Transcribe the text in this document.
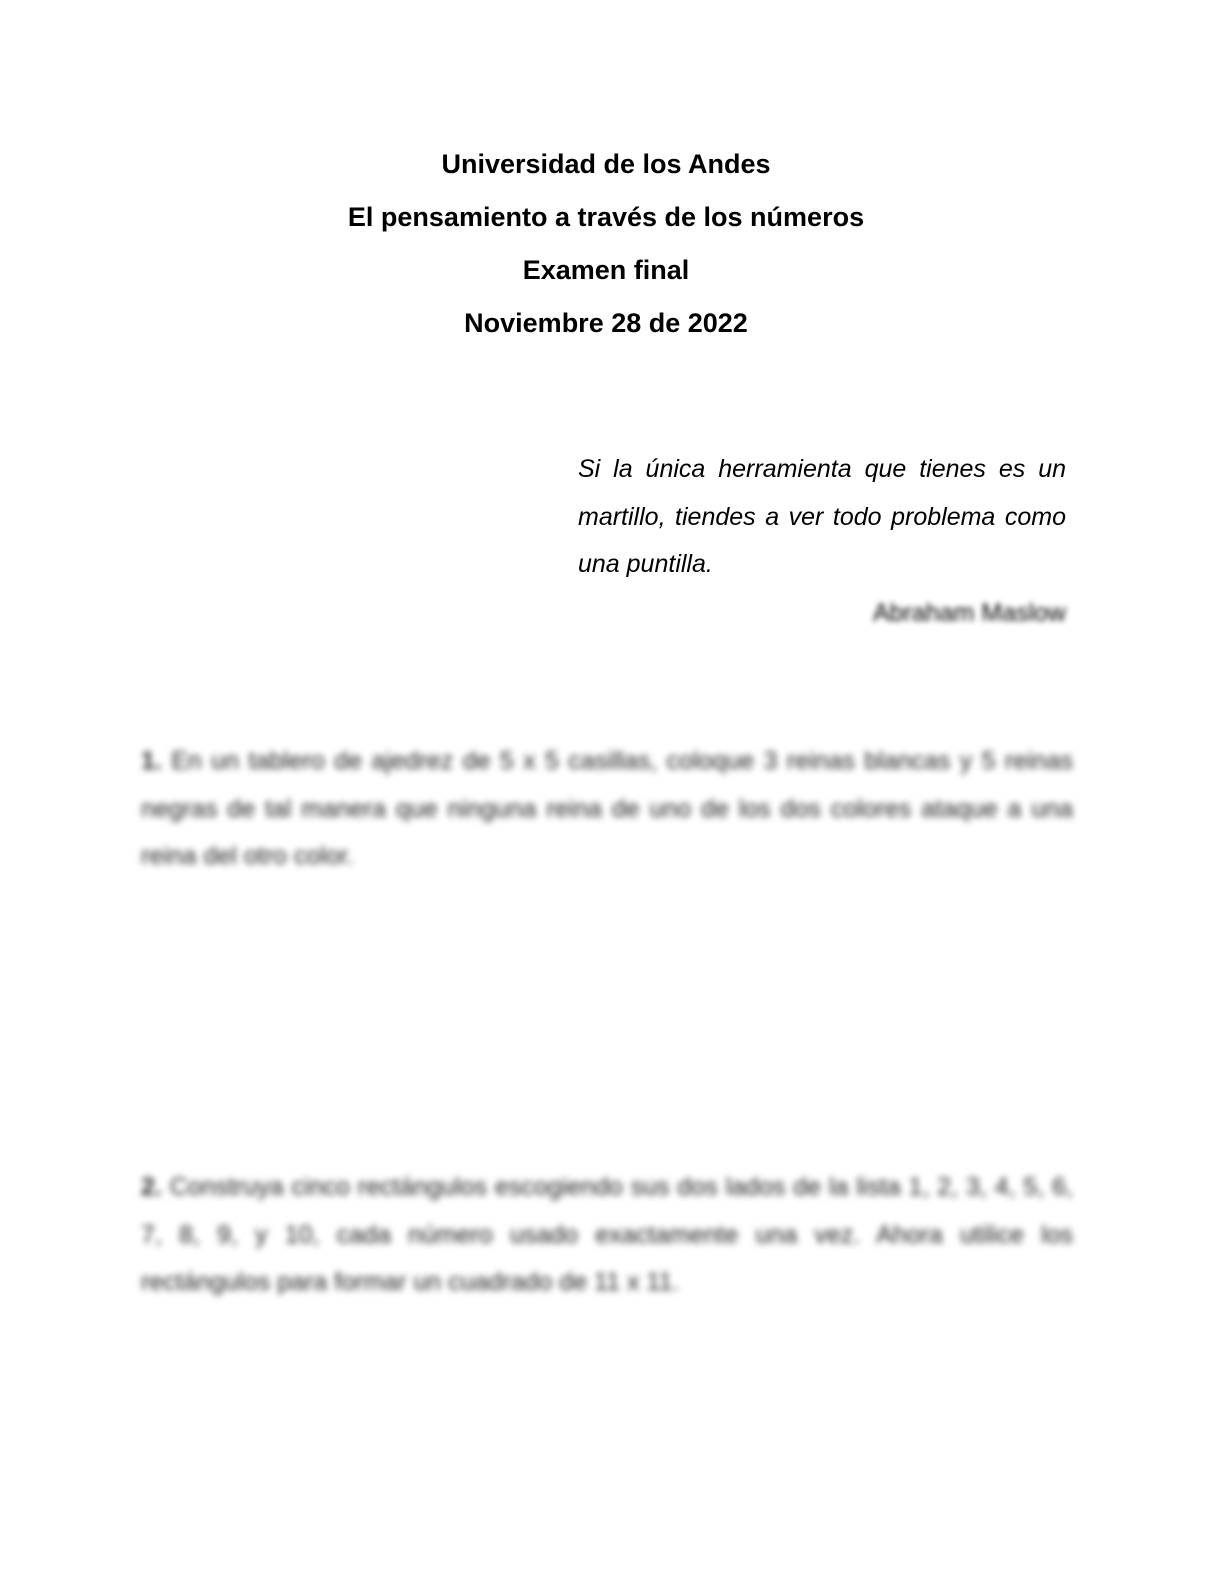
Universidad de los Andes

El pensamiento a través de los números

Examen final

Noviembre 28 de 2022

Si la única herramienta que tienes es un martillo, tiendes a ver todo problema como una puntilla.

Abraham Maslow

1. En un tablero de ajedrez de 5 x 5 casillas, coloque 3 reinas blancas y 5 reinas negras de tal manera que ninguna reina de uno de los dos colores ataque a una reina del otro color.

2. Construya cinco rectángulos escogiendo sus dos lados de la lista 1, 2, 3, 4, 5, 6, 7, 8, 9, y 10, cada número usado exactamente una vez. Ahora utilice los rectángulos para formar un cuadrado de 11 x 11.
